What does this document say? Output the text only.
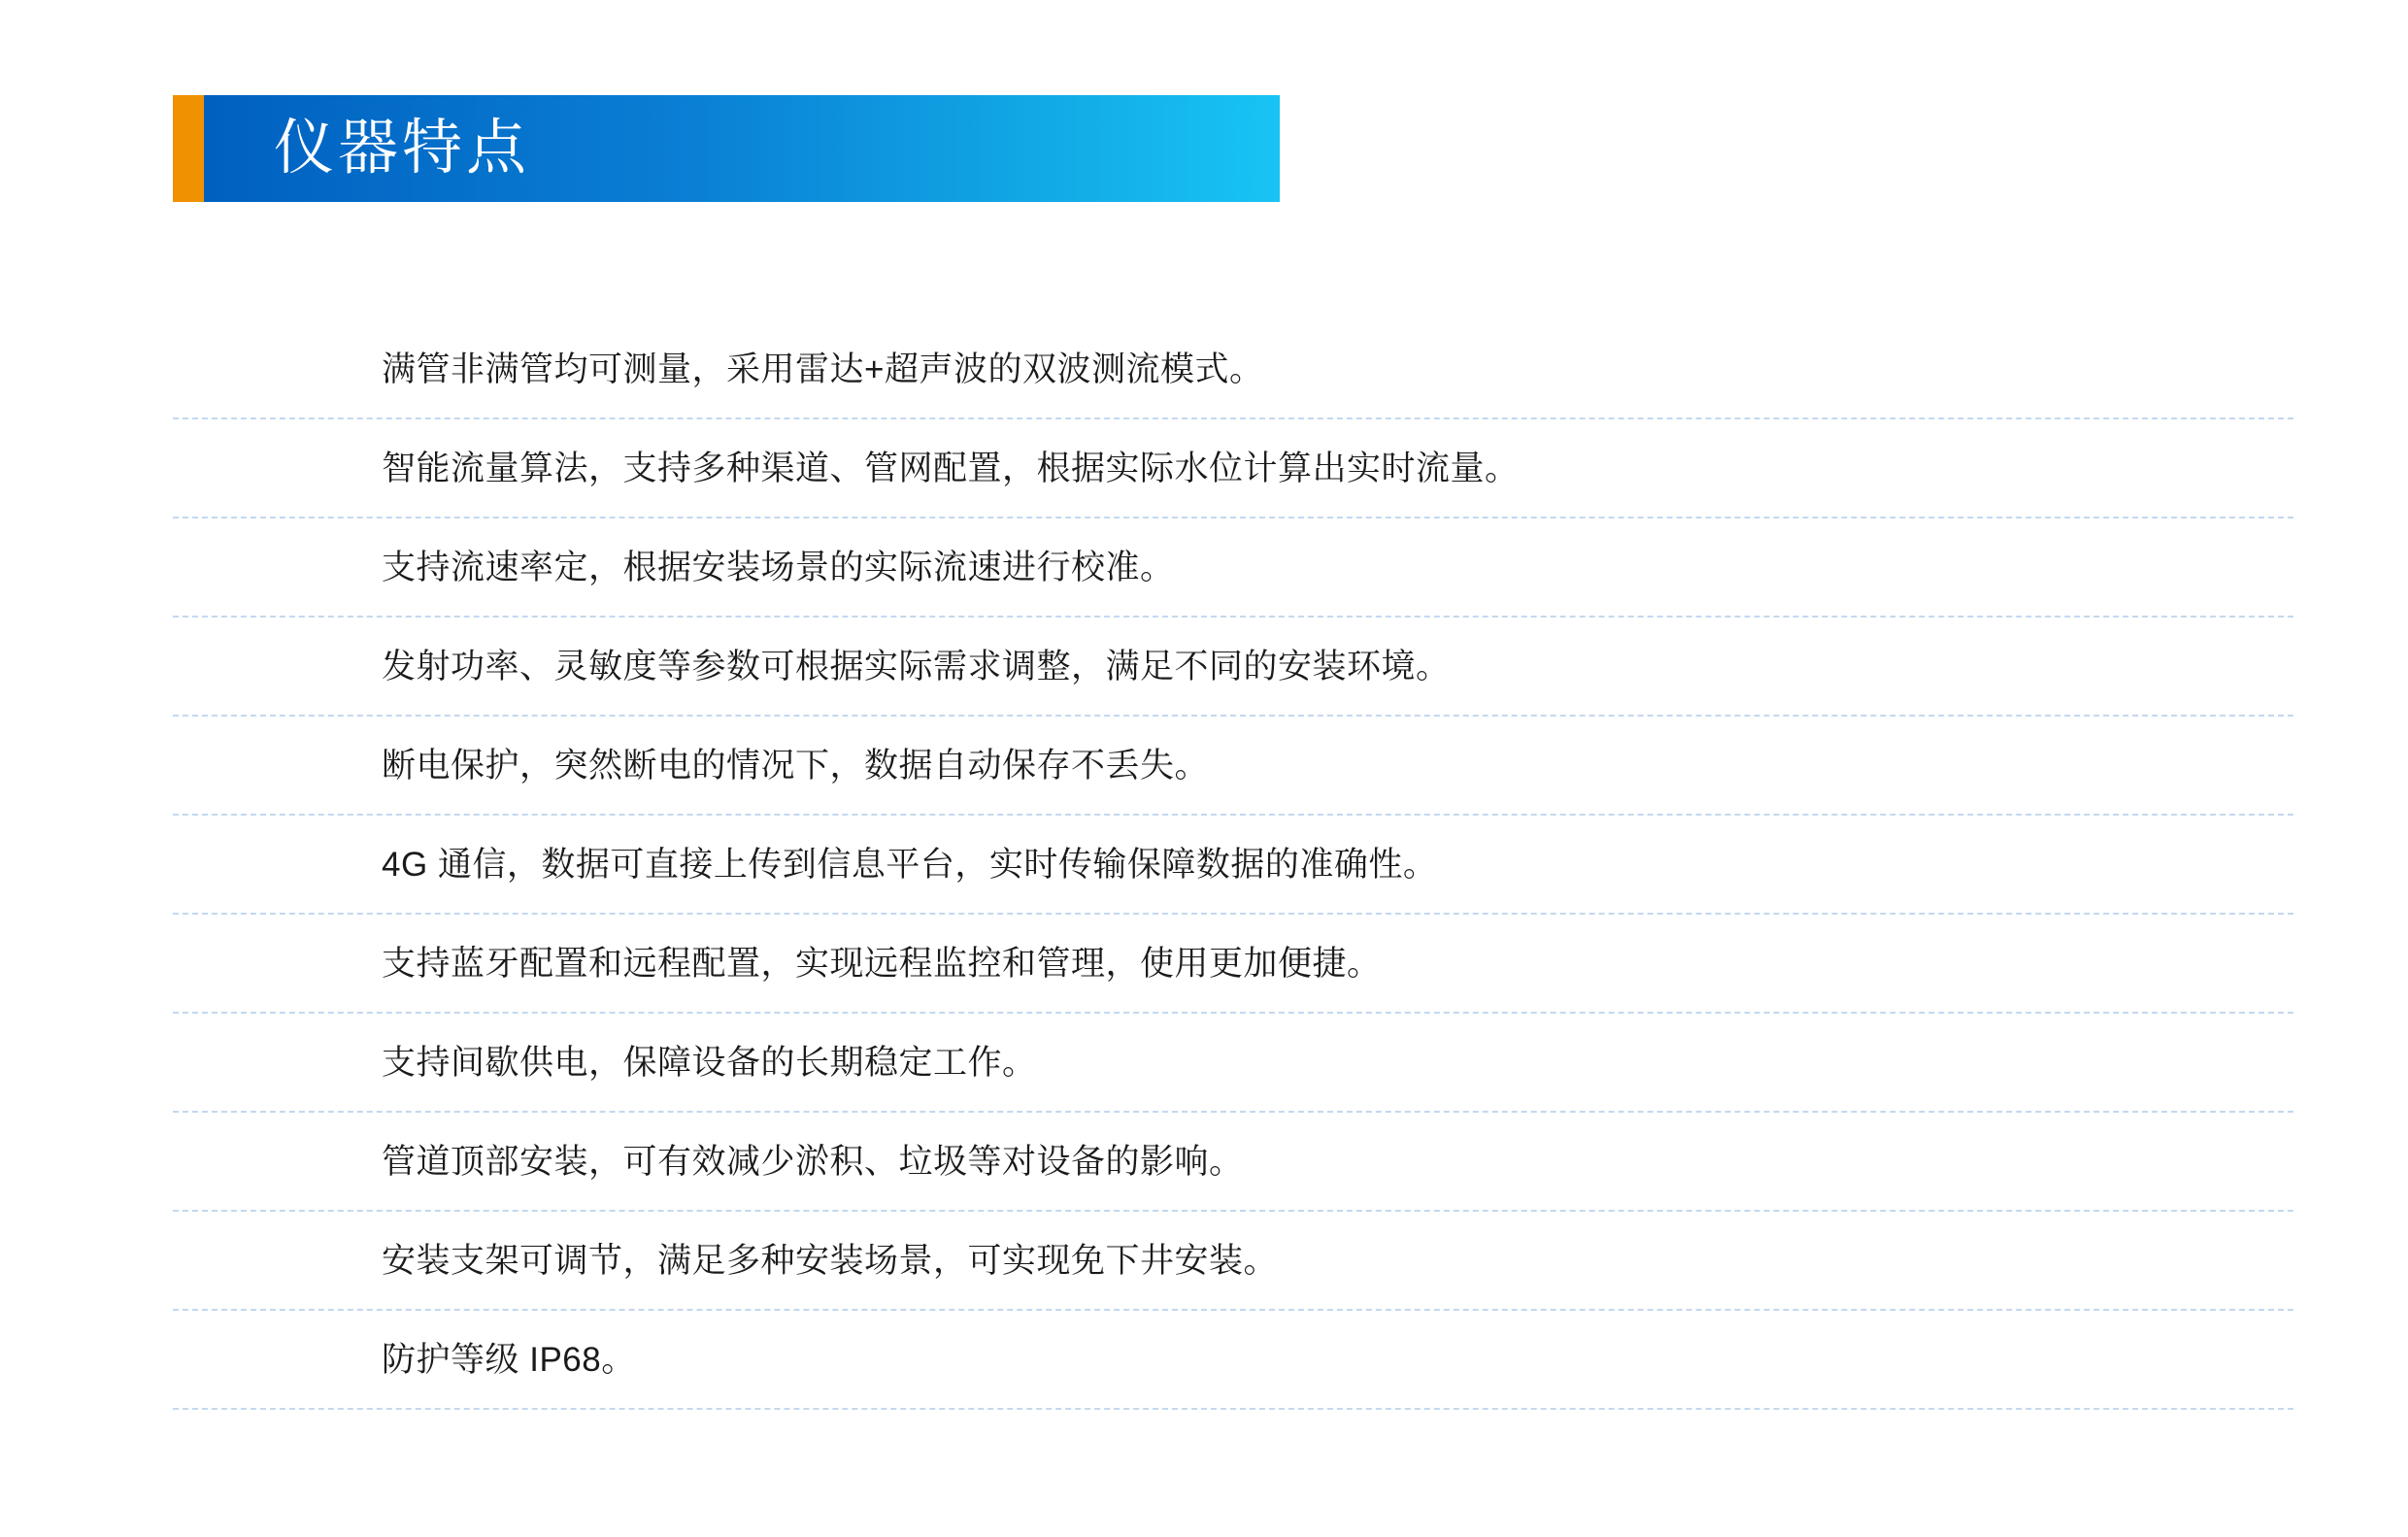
仪器特点
满管非满管均可测量，采用雷达+超声波的双波测流模式。
智能流量算法，支持多种渠道、管网配置，根据实际水位计算出实时流量。
支持流速率定，根据安装场景的实际流速进行校准。
发射功率、灵敏度等参数可根据实际需求调整，满足不同的安装环境。
断电保护，突然断电的情况下，数据自动保存不丢失。
4G 通信，数据可直接上传到信息平台，实时传输保障数据的准确性。
支持蓝牙配置和远程配置，实现远程监控和管理，使用更加便捷。
支持间歇供电，保障设备的长期稳定工作。
管道顶部安装，可有效减少淤积、垃圾等对设备的影响。
安装支架可调节，满足多种安装场景，可实现免下井安装。
防护等级 IP68。
